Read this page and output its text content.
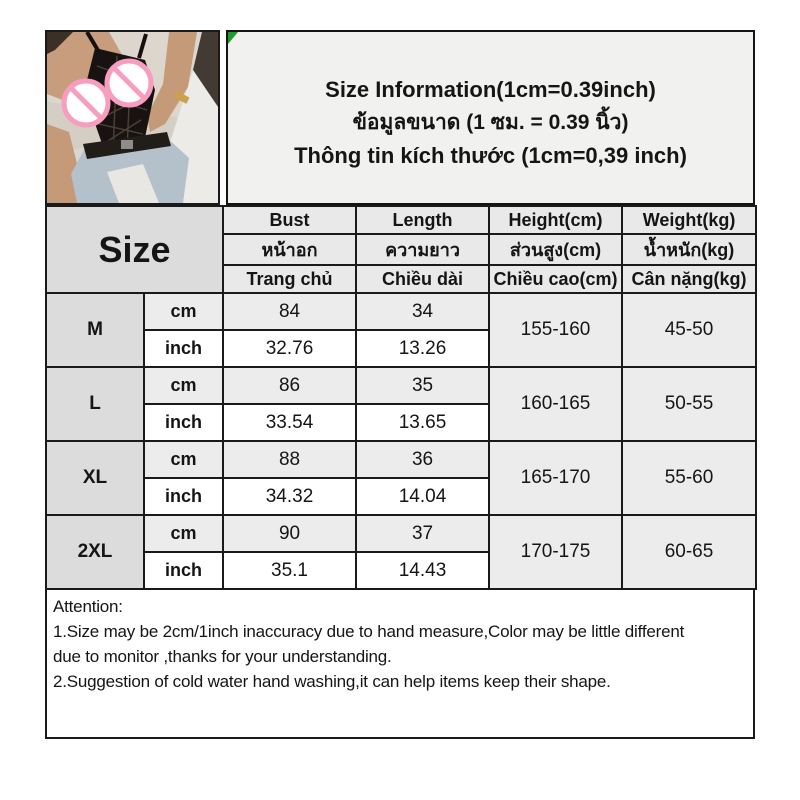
Size Information(1cm=0.39inch)
ข้อมูลขนาด (1 ซม. = 0.39 นิ้ว)
Thông tin kích thước (1cm=0,39 inch)
Size		Bust	Length	Height(cm)	Weight(kg)
		หน้าอก	ความยาว	ส่วนสูง(cm)	น้ำหนัก(kg)
		Trang chủ	Chiều dài	Chiều cao(cm)	Cân nặng(kg)
M	cm	84	34	155-160	45-50
	inch	32.76	13.26		
L	cm	86	35	160-165	50-55
	inch	33.54	13.65		
XL	cm	88	36	165-170	55-60
	inch	34.32	14.04		
2XL	cm	90	37	170-175	60-65
	inch	35.1	14.43		
Attention:
1.Size may be 2cm/1inch inaccuracy due to hand measure,Color may be little different
due to monitor ,thanks for your understanding.
2.Suggestion of cold water hand washing,it can help items keep their shape.
